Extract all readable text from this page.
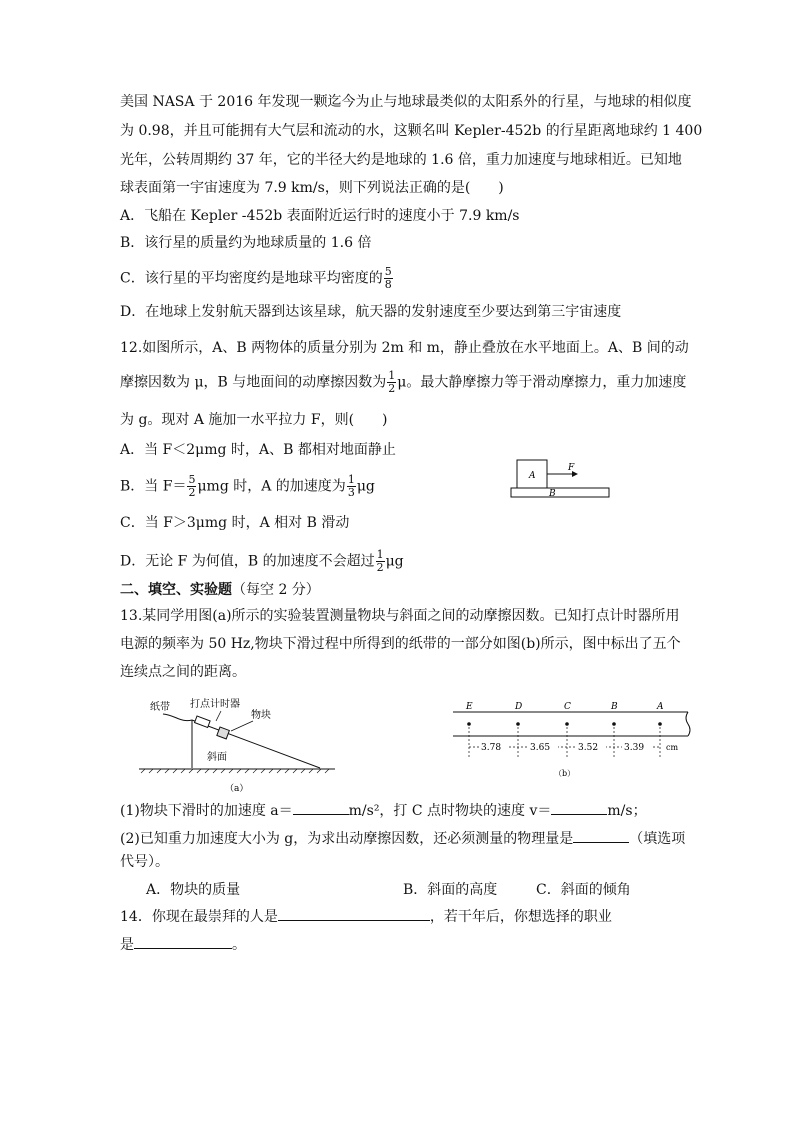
美国 NASA 于 2016 年发现一颗迄今为止与地球最类似的太阳系外的行星，与地球的相似度
为 0.98，并且可能拥有大气层和流动的水，这颗名叫 Kepler-452b 的行星距离地球约 1 400
光年，公转周期约 37 年，它的半径大约是地球的 1.6 倍，重力加速度与地球相近。已知地
球表面第一宇宙速度为 7.9 km/s，则下列说法正确的是(　　)
A．飞船在 Kepler -452b 表面附近运行时的速度小于 7.9 km/s
B．该行星的质量约为地球质量的 1.6 倍
C．该行星的平均密度约是地球平均密度的 $\frac{5}{8}$
D．在地球上发射航天器到达该星球，航天器的发射速度至少要达到第三宇宙速度
12.如图所示，A、B 两物体的质量分别为 2m 和 m，静止叠放在水平地面上。A、B 间的动
摩擦因数为 μ，B 与地面间的动摩擦因数为 $\frac{1}{2}$ μ。最大静摩擦力等于滑动摩擦力，重力加速度
为 g。现对 A 施加一水平拉力 F，则(　　)
A．当 F＜2μmg 时，A、B 都相对地面静止
B．当 $F= \frac{5}{2}$ μmg 时，A 的加速度为 $\frac{1}{3}$ μg
C．当 F＞3μmg 时，A 相对 B 滑动
D．无论 F 为何值，B 的加速度不会超过 $\frac{1}{2}$ μg
A
F
B
二、填空、实验题（每空 2 分）
13.某同学用图(a)所示的实验装置测量物块与斜面之间的动摩擦因数。已知打点计时器所用
电源的频率为 50 Hz,物块下滑过程中所得到的纸带的一部分如图(b)所示，图中标出了五个
连续点之间的距离。
纸带 打点计时器
物块
斜面
（a）
E	D	C	B	A
3.78	3.65	3.52	3.39	cm
（b）
(1)物块下滑时的加速度 a＝	m/s²，打 C 点时物块的速度 v＝	m/s；
(2)已知重力加速度大小为 g，为求出动摩擦因数，还必须测量的物理量是	（填选项
代号）。
A．物块的质量	B．斜面的高度	C．斜面的倾角
14．你现在最崇拜的人是	，若干年后，你想选择的职业
是	。
